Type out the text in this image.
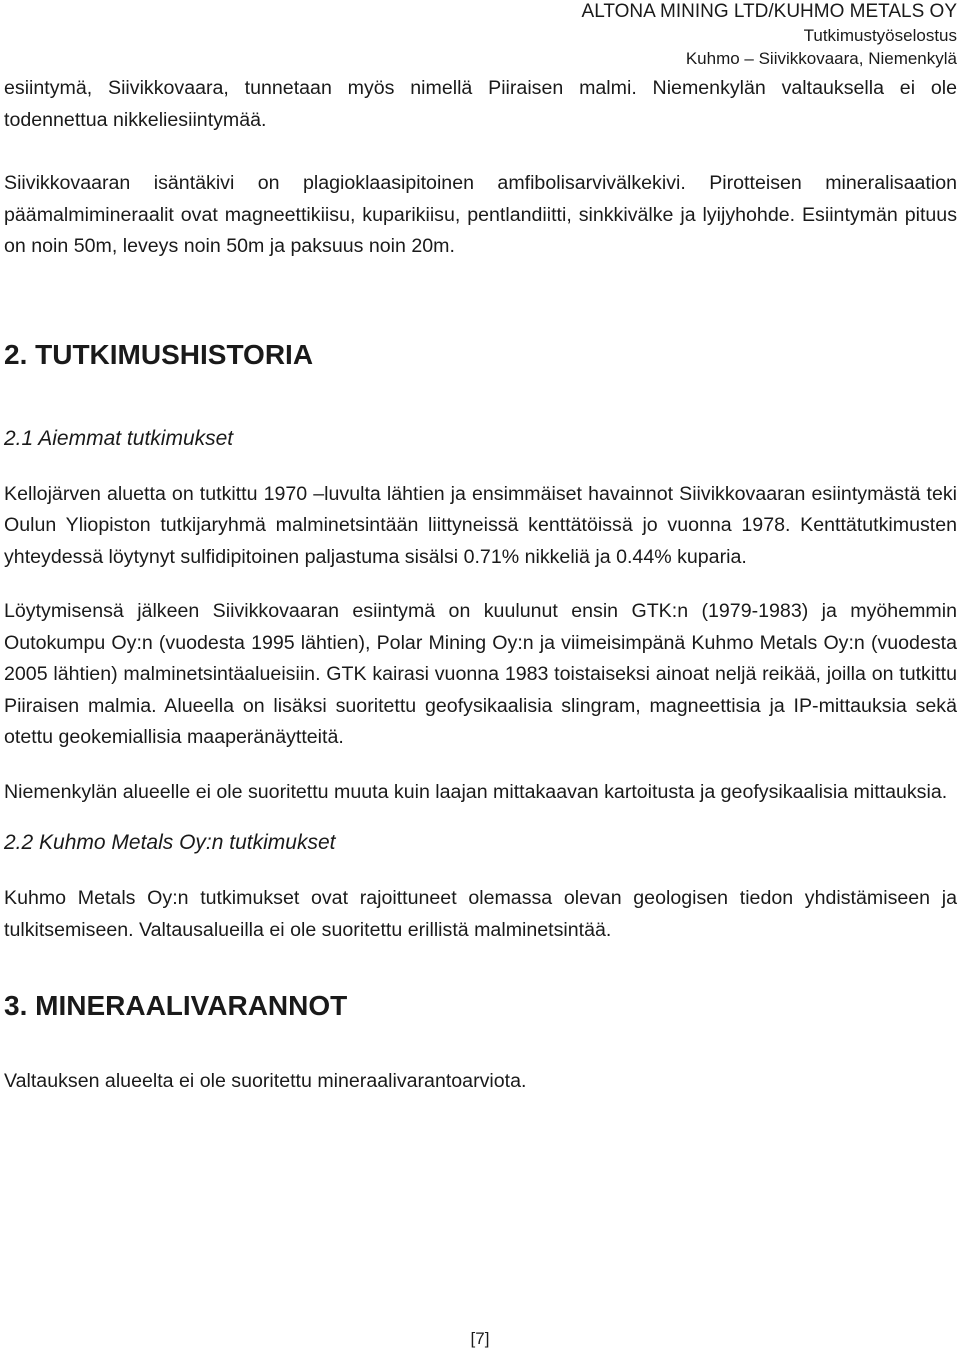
ALTONA MINING LTD/KUHMO METALS OY
Tutkimustyöselostus
Kuhmo – Siivikkovaara, Niemenkylä

esiintymä, Siivikkovaara, tunnetaan myös nimellä Piiraisen malmi. Niemenkylän valtauksella ei ole todennettua nikkeliesiintymää.

Siivikkovaaran isäntäkivi on plagioklaasipitoinen amfibolisarvivälkekivi. Pirotteisen mineralisaation päämalmimineraalit ovat magneettikiisu, kuparikiisu, pentlandiitti, sinkkivälke ja lyijyhohde. Esiintymän pituus on noin 50m, leveys noin 50m ja paksuus noin 20m.

2. TUTKIMUSHISTORIA
2.1 Aiemmat tutkimukset

Kellojärven aluetta on tutkittu 1970 –luvulta lähtien ja ensimmäiset havainnot Siivikkovaaran esiintymästä teki Oulun Yliopiston tutkijaryhmä malminetsintään liittyneissä kenttätöissä jo vuonna 1978. Kenttätutkimusten yhteydessä löytynyt sulfidipitoinen paljastuma sisälsi 0.71% nikkeliä ja 0.44% kuparia.

Löytymisensä jälkeen Siivikkovaaran esiintymä on kuulunut ensin GTK:n (1979-1983) ja myöhemmin Outokumpu Oy:n (vuodesta 1995 lähtien), Polar Mining Oy:n ja viimeisimpänä Kuhmo Metals Oy:n (vuodesta 2005 lähtien) malminetsintäalueisiin. GTK kairasi vuonna 1983 toistaiseksi ainoat neljä reikää, joilla on tutkittu Piiraisen malmia. Alueella on lisäksi suoritettu geofysikaalisia slingram, magneettisia ja IP-mittauksia sekä otettu geokemiallisia maaperänäytteitä.

Niemenkylän alueelle ei ole suoritettu muuta kuin laajan mittakaavan kartoitusta ja geofysikaalisia mittauksia.

2.2 Kuhmo Metals Oy:n tutkimukset

Kuhmo Metals Oy:n tutkimukset ovat rajoittuneet olemassa olevan geologisen tiedon yhdistämiseen ja tulkitsemiseen. Valtausalueilla ei ole suoritettu erillistä malminetsintää.

3. MINERAALIVARANNOT

Valtauksen alueelta ei ole suoritettu mineraalivarantoarviota.

[7]
